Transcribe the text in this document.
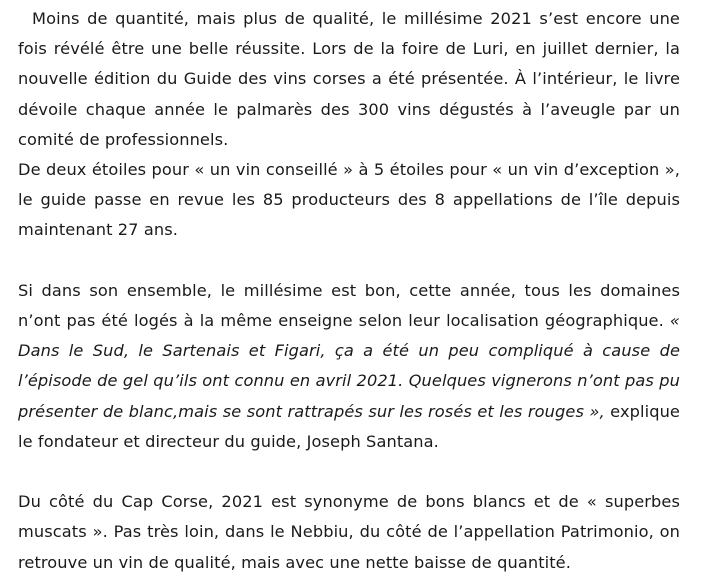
Moins de quantité, mais plus de qualité, le millésime 2021 s’est encore une fois révélé être une belle réussite. Lors de la foire de Luri, en juillet dernier, la nouvelle édition du Guide des vins corses a été présentée. À l’intérieur, le livre dévoile chaque année le palmarès des 300 vins dégustés à l’aveugle par un comité de professionnels.

De deux étoiles pour « un vin conseillé » à 5 étoiles pour « un vin d’exception », le guide passe en revue les 85 producteurs des 8 appellations de l’île depuis maintenant 27 ans.

Si dans son ensemble, le millésime est bon, cette année, tous les domaines n’ont pas été logés à la même enseigne selon leur localisation géographique. « Dans le Sud, le Sartenais et Figari, ça a été un peu compliqué à cause de l’épisode de gel qu’ils ont connu en avril 2021. Quelques vignerons n’ont pas pu présenter de blanc,mais se sont rattrapés sur les rosés et les rouges », explique le fondateur et directeur du guide, Joseph Santana.

Du côté du Cap Corse, 2021 est synonyme de bons blancs et de « superbes muscats ». Pas très loin, dans le Nebbiu, du côté de l’appellation Patrimonio, on retrouve un vin de qualité, mais avec une nette baisse de quantité.
